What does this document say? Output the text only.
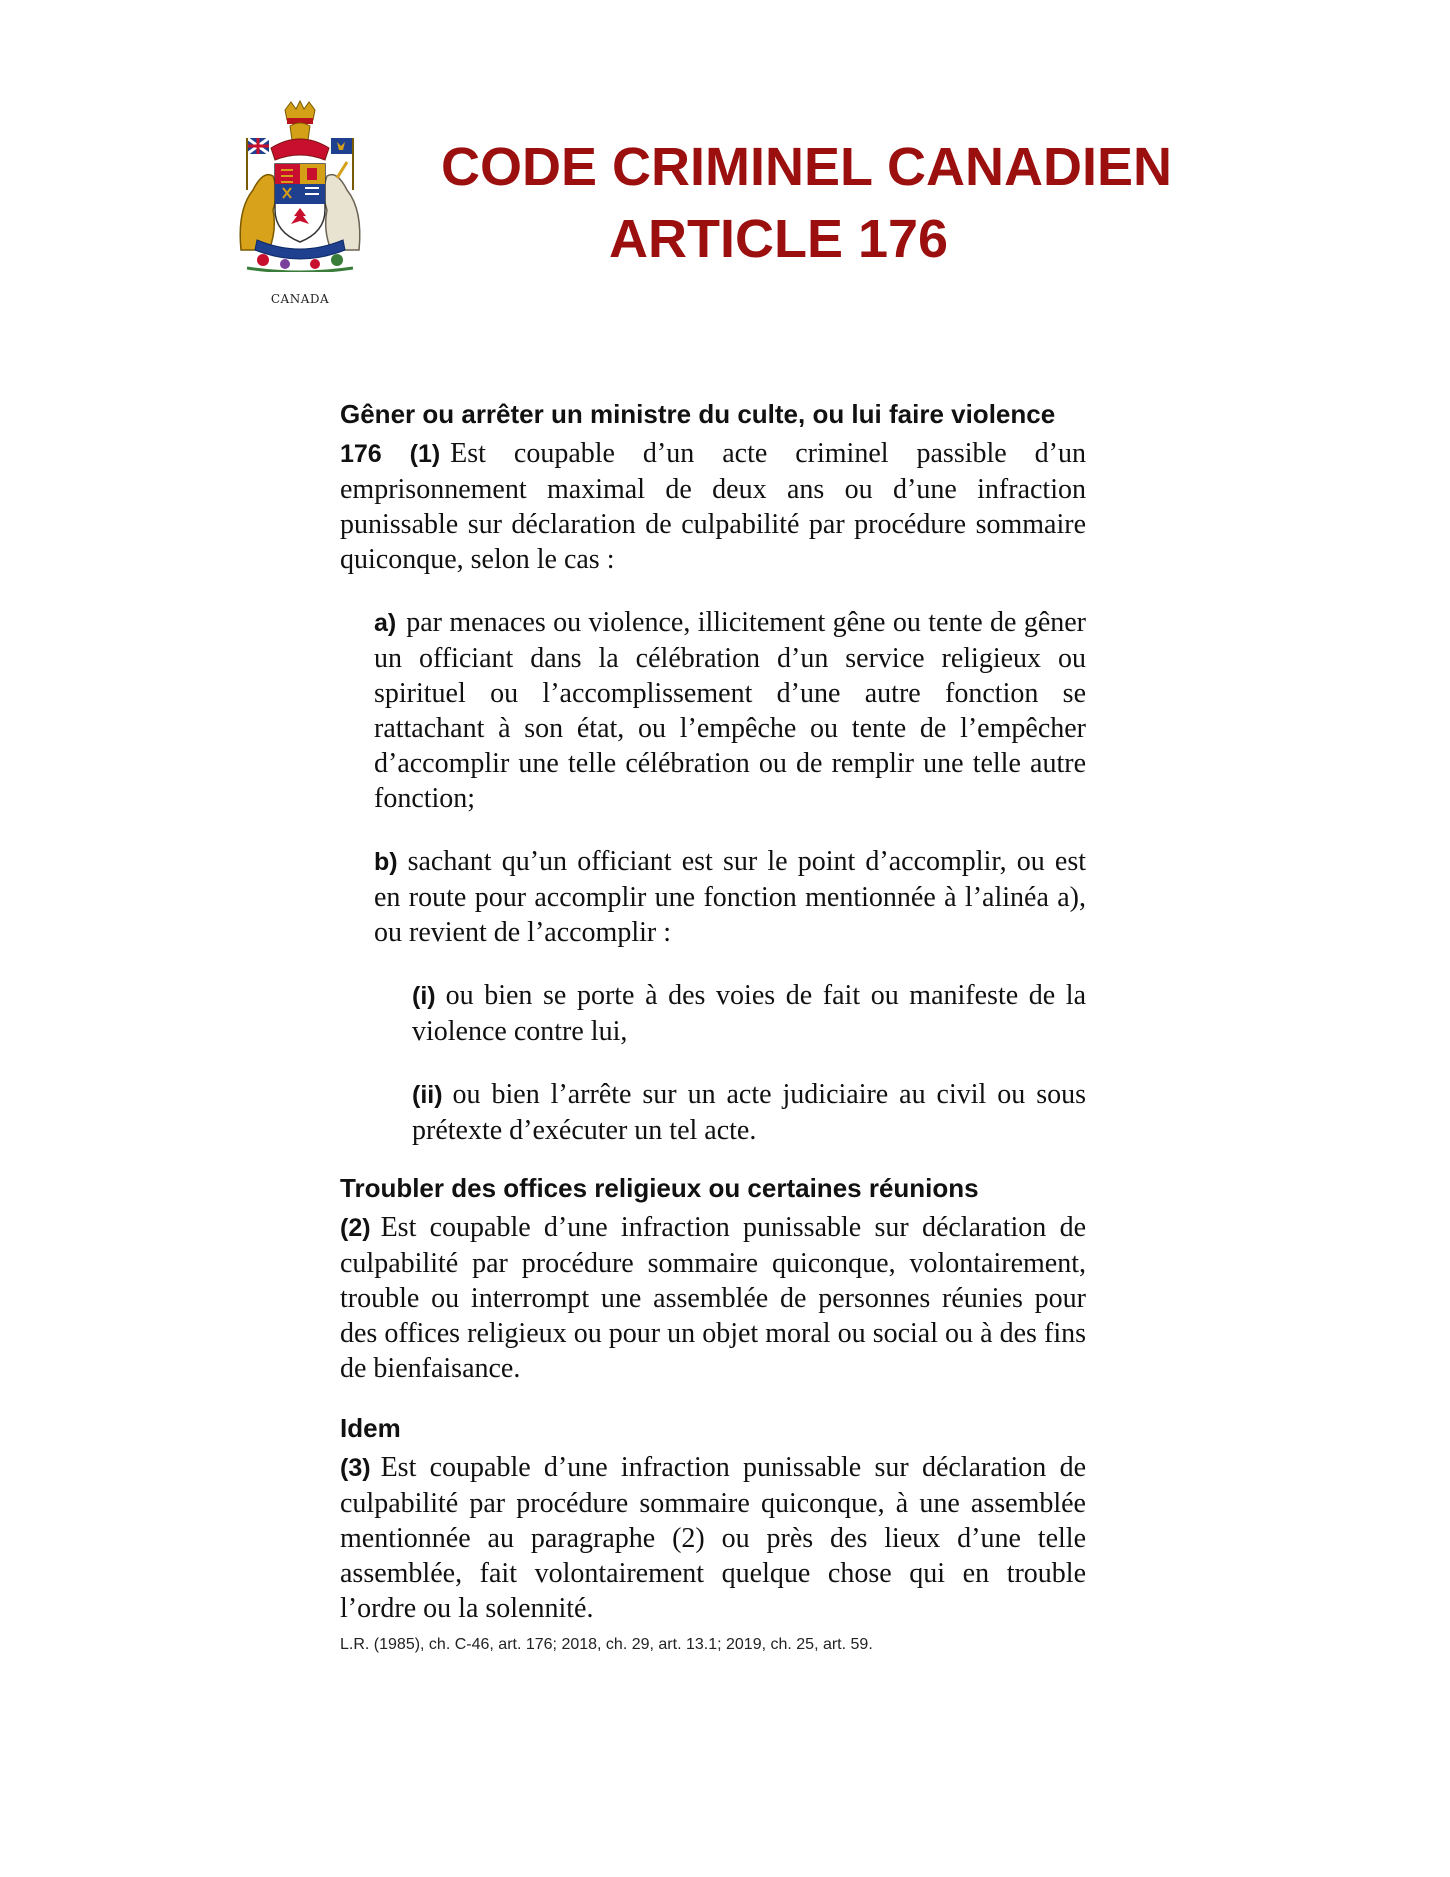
CANADA
CODE CRIMINEL CANADIEN
ARTICLE 176

Gêner ou arrêter un ministre du culte, ou lui faire violence

176 (1) Est coupable d’un acte criminel passible d’un emprisonnement maximal de deux ans ou d’une infraction punissable sur déclaration de culpabilité par procédure sommaire quiconque, selon le cas :

a) par menaces ou violence, illicitement gêne ou tente de gêner un officiant dans la célébration d’un service religieux ou spirituel ou l’accomplissement d’une autre fonction se rattachant à son état, ou l’empêche ou tente de l’empêcher d’accomplir une telle célébration ou de remplir une telle autre fonction;

b) sachant qu’un officiant est sur le point d’accomplir, ou est en route pour accomplir une fonction mentionnée à l’alinéa a), ou revient de l’accomplir :

(i) ou bien se porte à des voies de fait ou manifeste de la violence contre lui,

(ii) ou bien l’arrête sur un acte judiciaire au civil ou sous prétexte d’exécuter un tel acte.

Troubler des offices religieux ou certaines réunions

(2) Est coupable d’une infraction punissable sur déclaration de culpabilité par procédure sommaire quiconque, volontairement, trouble ou interrompt une assemblée de personnes réunies pour des offices religieux ou pour un objet moral ou social ou à des fins de bienfaisance.

Idem

(3) Est coupable d’une infraction punissable sur déclaration de culpabilité par procédure sommaire quiconque, à une assemblée mentionnée au paragraphe (2) ou près des lieux d’une telle assemblée, fait volontairement quelque chose qui en trouble l’ordre ou la solennité.

L.R. (1985), ch. C-46, art. 176; 2018, ch. 29, art. 13.1; 2019, ch. 25, art. 59.
